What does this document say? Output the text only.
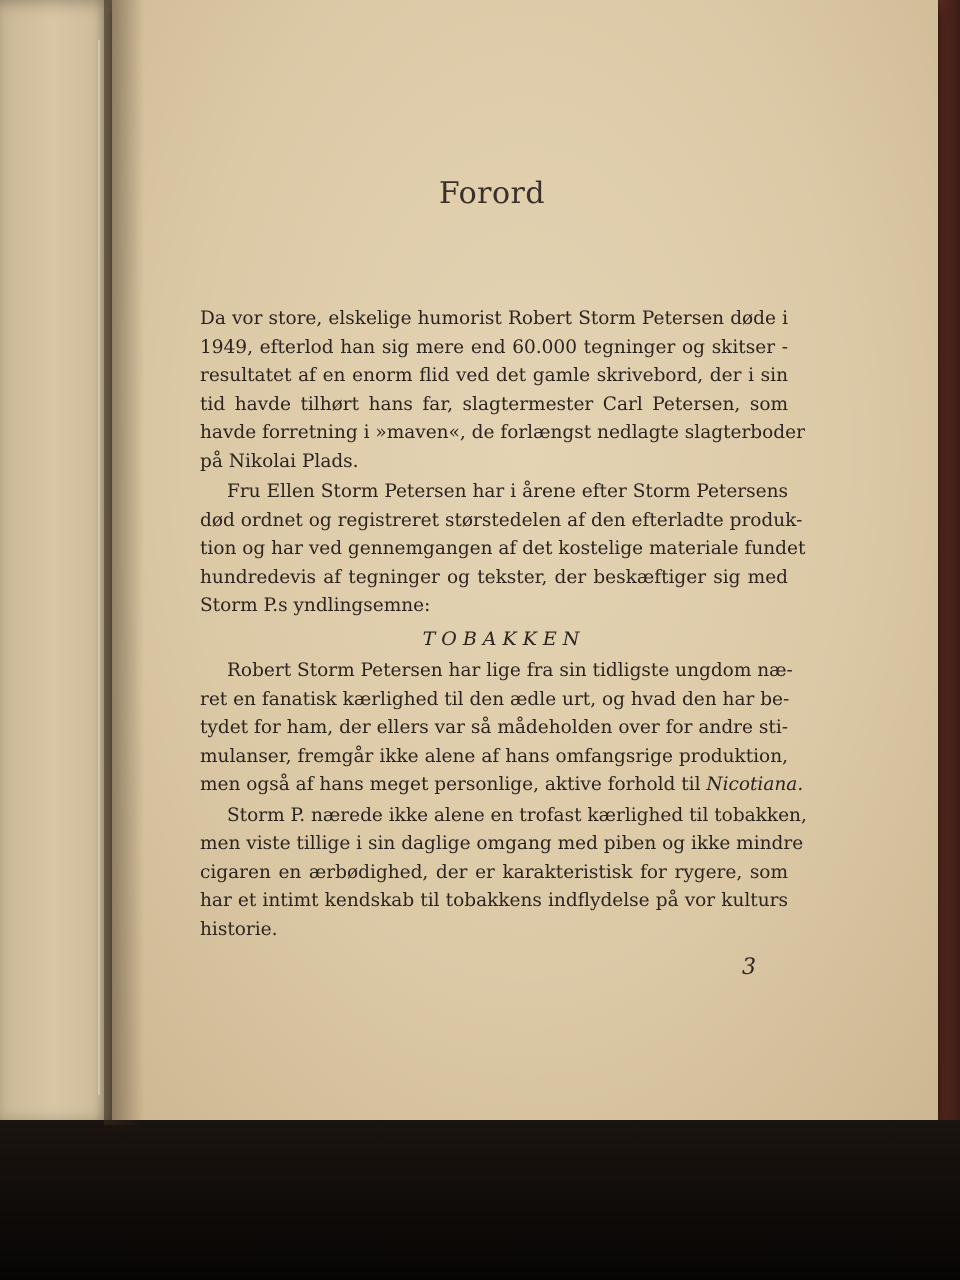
Forord

Da vor store, elskelige humorist Robert Storm Petersen døde i
1949, efterlod han sig mere end 60.000 tegninger og skitser -
resultatet af en enorm flid ved det gamle skrivebord, der i sin
tid havde tilhørt hans far, slagtermester Carl Petersen, som
havde forretning i »maven«, de forlængst nedlagte slagterboder
på Nikolai Plads.

Fru Ellen Storm Petersen har i årene efter Storm Petersens
død ordnet og registreret størstedelen af den efterladte produk-
tion og har ved gennemgangen af det kostelige materiale fundet
hundredevis af tegninger og tekster, der beskæftiger sig med
Storm P.s yndlingsemne:

TOBAKKEN

Robert Storm Petersen har lige fra sin tidligste ungdom næ-
ret en fanatisk kærlighed til den ædle urt, og hvad den har be-
tydet for ham, der ellers var så mådeholden over for andre sti-
mulanser, fremgår ikke alene af hans omfangsrige produktion,
men også af hans meget personlige, aktive forhold til Nicotiana.

Storm P. nærede ikke alene en trofast kærlighed til tobakken,
men viste tillige i sin daglige omgang med piben og ikke mindre
cigaren en ærbødighed, der er karakteristisk for rygere, som
har et intimt kendskab til tobakkens indflydelse på vor kulturs
historie.

3
